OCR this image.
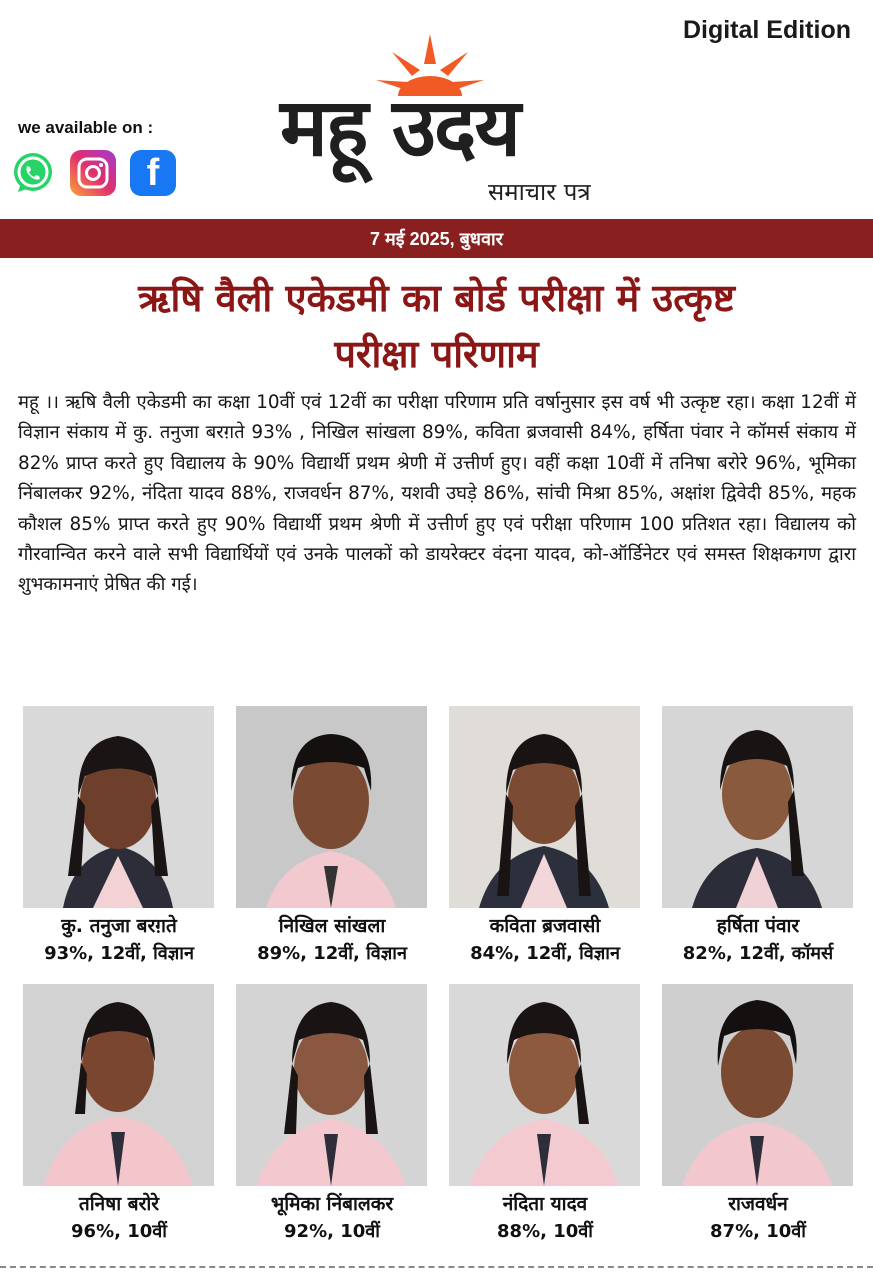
Digital Edition
we available on :
f महू उदय
समाचार पत्र
7 मई 2025, बुधवार
ऋषि वैली एकेडमी का बोर्ड परीक्षा में उत्कृष्ट
परीक्षा परिणाम
महू ।। ऋषि वैली एकेडमी का कक्षा 10वीं एवं 12वीं का परीक्षा परिणाम प्रति वर्षानुसार इस वर्ष भी उत्कृष्ट रहा। कक्षा 12वीं में विज्ञान संकाय में कु. तनुजा बरग़ते 93% , निखिल सांखला 89%, कविता ब्रजवासी 84%, हर्षिता पंवार ने कॉमर्स संकाय में 82% प्राप्त करते हुए विद्यालय के 90% विद्यार्थी प्रथम श्रेणी में उत्तीर्ण हुए। वहीं कक्षा 10वीं में तनिषा बरोरे 96%, भूमिका निंबालकर 92%, नंदिता यादव 88%, राजवर्धन 87%, यशवी उघड़े 86%, सांची मिश्रा 85%, अक्षांश द्विवेदी 85%, महक कौशल 85% प्राप्त करते हुए 90% विद्यार्थी प्रथम श्रेणी में उत्तीर्ण हुए एवं परीक्षा परिणाम 100 प्रतिशत रहा। विद्यालय को गौरवान्वित करने वाले सभी विद्यार्थियों एवं उनके पालकों को डायरेक्टर वंदना यादव, को-ऑर्डिनेटर एवं समस्त शिक्षकगण द्वारा शुभकामनाएं प्रेषित की गई।
कु. तनुजा बरग़ते
93%, 12वीं, विज्ञान
निखिल सांखला
89%, 12वीं, विज्ञान
कविता ब्रजवासी
84%, 12वीं, विज्ञान
हर्षिता पंवार
82%, 12वीं, कॉमर्स
तनिषा बरोरे
96%, 10वीं
भूमिका निंबालकर
92%, 10वीं
नंदिता यादव
88%, 10वीं
राजवर्धन
87%, 10वीं
